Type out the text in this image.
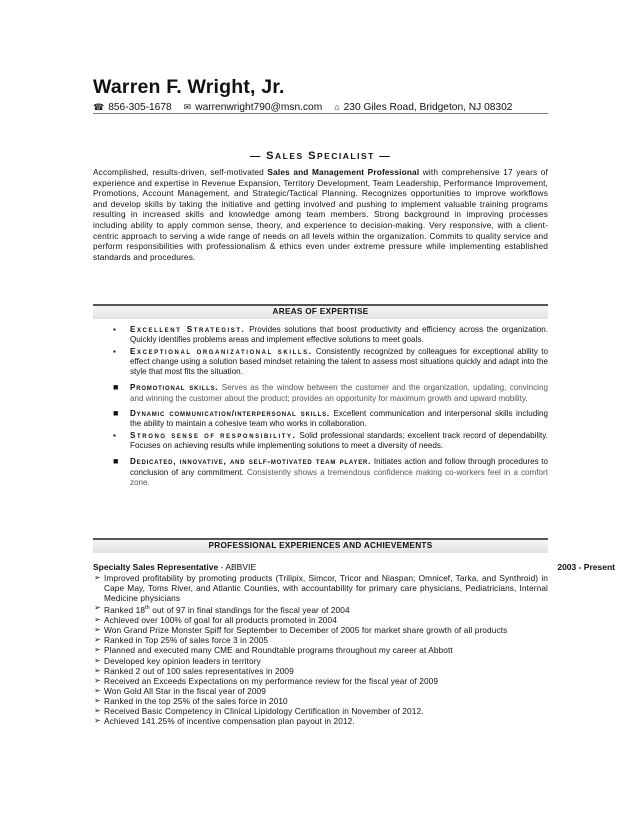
Warren F. Wright, Jr.
☎ 856-305-1678 ✉ warrenwright790@msn.com ⌂ 230 Giles Road, Bridgeton, NJ 08302
— SALES SPECIALIST —
Accomplished, results-driven, self-motivated Sales and Management Professional with comprehensive 17 years of experience and expertise in Revenue Expansion, Territory Development, Team Leadership, Performance Improvement, Promotions, Account Management, and Strategic/Tactical Planning. Recognizes opportunities to improve workflows and develop skills by taking the initiative and getting involved and pushing to implement valuable training programs resulting in increased skills and knowledge among team members. Strong background in improving processes including ability to apply common sense, theory, and experience to decision-making. Very responsive, with a client-centric approach to serving a wide range of needs on all levels within the organization. Commits to quality service and perform responsibilities with professionalism & ethics even under extreme pressure while implementing established standards and procedures.
AREAS OF EXPERTISE
▪ Excellent Strategist. Provides solutions that boost productivity and efficiency across the organization. Quickly identifies problems areas and implement effective solutions to meet goals.
▪ Exceptional organizational skills. Consistently recognized by colleagues for exceptional ability to effect change using a solution based mindset retaining the talent to assess most situations quickly and adapt into the style that most fits the situation.
■ Promotional skills. Serves as the window between the customer and the organization, updating, convincing and winning the customer about the product; provides an opportunity for maximum growth and upward mobility.
■ Dynamic communication/interpersonal skills. Excellent communication and interpersonal skills including the ability to maintain a cohesive team who works in collaboration.
▪ Strong sense of responsibility. Solid professional standards; excellent track record of dependability. Focuses on achieving results while implementing solutions to meet a diversity of needs.
■ Dedicated, innovative, and self-motivated team player. Initiates action and follow through procedures to conclusion of any commitment. Consistently shows a tremendous confidence making co-workers feel in a comfort zone.
PROFESSIONAL EXPERIENCES AND ACHIEVEMENTS
Specialty Sales Representative - ABBVIE	2003 - Present
➢ Improved profitability by promoting products (Trilipix, Simcor, Tricor and Niaspan; Omnicef, Tarka, and Synthroid) in Cape May, Toms River, and Atlantic Counties, with accountability for primary care physicians, Pediatricians, Internal Medicine physicians
➢ Ranked 18th out of 97 in final standings for the fiscal year of 2004
➢ Achieved over 100% of goal for all products promoted in 2004
➢ Won Grand Prize Monster Spiff for September to December of 2005 for market share growth of all products
➢ Ranked in Top 25% of sales force 3 in 2005
➢ Planned and executed many CME and Roundtable programs throughout my career at Abbott
➢ Developed key opinion leaders in territory
➢ Ranked 2 out of 100 sales representatives in 2009
➢ Received an Exceeds Expectations on my performance review for the fiscal year of 2009
➢ Won Gold All Star in the fiscal year of 2009
➢ Ranked in the top 25% of the sales force in 2010
➢ Received Basic Competency in Clinical Lipidology Certification in November of 2012.
➢ Achieved 141.25% of incentive compensation plan payout in 2012.
